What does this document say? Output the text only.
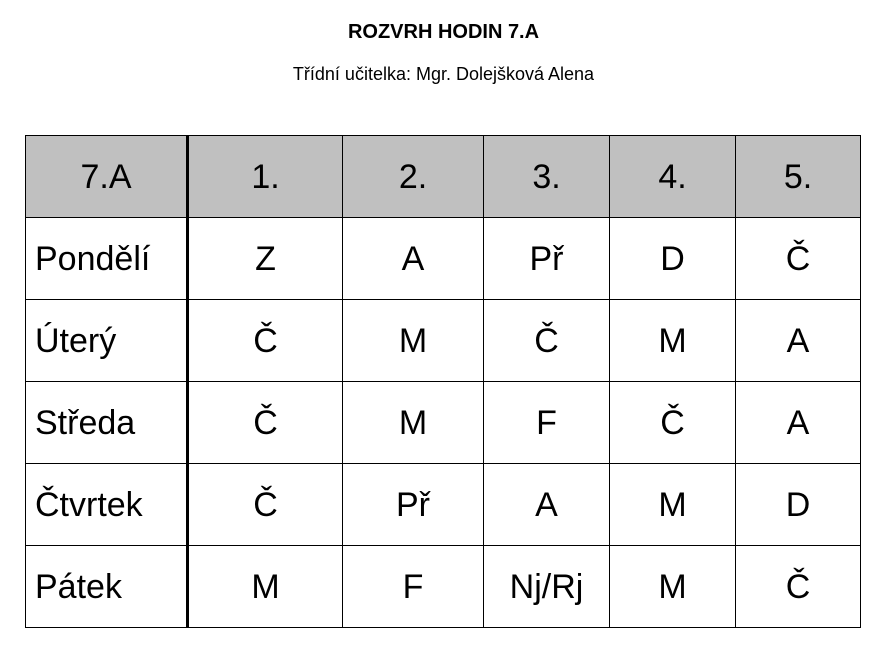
ROZVRH HODIN 7.A
Třídní učitelka: Mgr. Dolejšková Alena
7.A	1.	2.	3.	4.	5.
Pondělí	Z	A	Př	D	Č
Úterý	Č	M	Č	M	A
Středa	Č	M	F	Č	A
Čtvrtek	Č	Př	A	M	D
Pátek	M	F	Nj/Rj	M	Č
